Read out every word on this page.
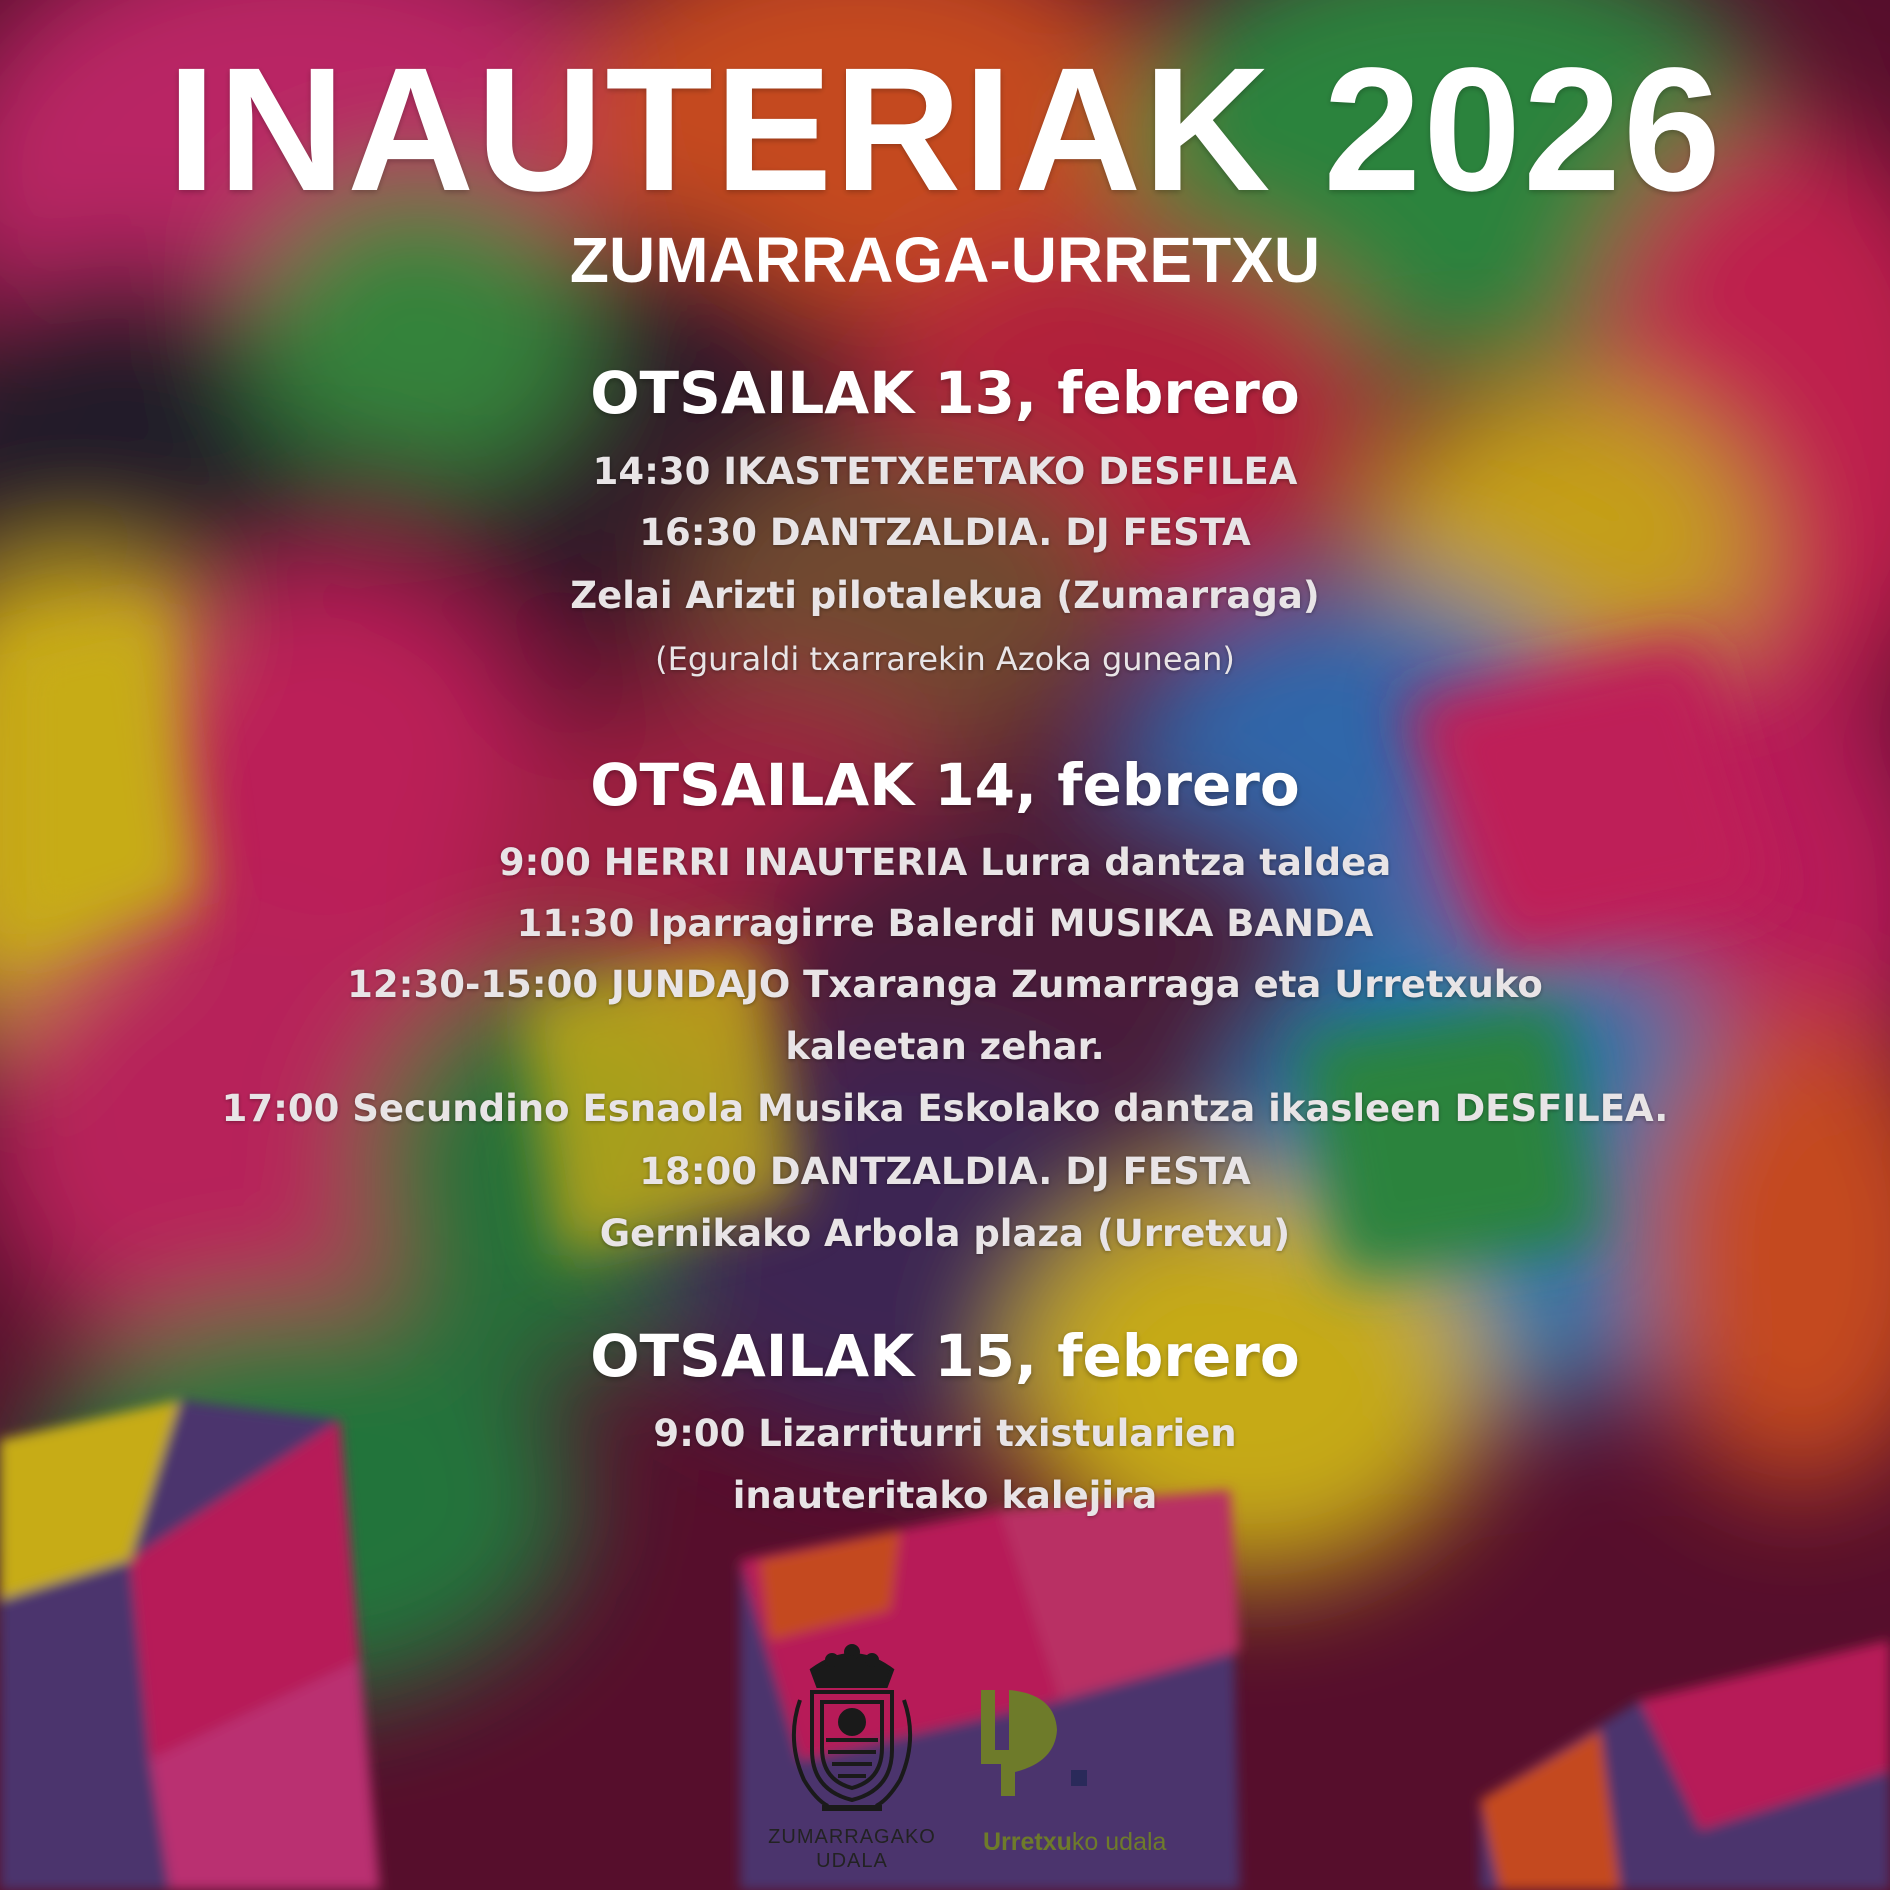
INAUTERIAK 2026
ZUMARRAGA-URRETXU
OTSAILAK 13, febrero
14:30 IKASTETXEETAKO DESFILEA
16:30 DANTZALDIA. DJ FESTA
Zelai Arizti pilotalekua (Zumarraga)
(Eguraldi txarrarekin Azoka gunean)
OTSAILAK 14, febrero
9:00 HERRI INAUTERIA Lurra dantza taldea
11:30 Iparragirre Balerdi MUSIKA BANDA
12:30-15:00 JUNDAJO Txaranga Zumarraga eta Urretxuko
kaleetan zehar.
17:00 Secundino Esnaola Musika Eskolako dantza ikasleen DESFILEA.
18:00 DANTZALDIA. DJ FESTA
Gernikako Arbola plaza (Urretxu)
OTSAILAK 15, febrero
9:00 Lizarriturri txistularien
inauteritako kalejira
ZUMARRAGAKO
UDALA
Urretxuko udala
